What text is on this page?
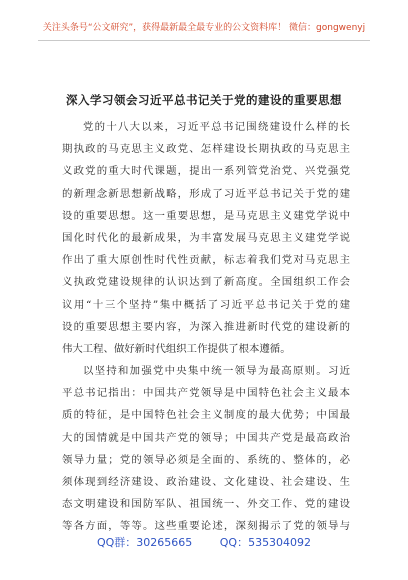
关注头条号“公文研究”，获得最新最全最专业的公文资料库！ 微信：gongwenyj
深入学习领会习近平总书记关于党的建设的重要思想
党的十八大以来，习近平总书记围绕建设什么样的长
期执政的马克思主义政党、怎样建设长期执政的马克思主
义政党的重大时代课题，提出一系列管党治党、兴党强党
的新理念新思想新战略，形成了习近平总书记关于党的建
设的重要思想。这一重要思想，是马克思主义建党学说中
国化时代化的最新成果，为丰富发展马克思主义建党学说
作出了重大原创性时代性贡献，标志着我们党对马克思主
义执政党建设规律的认识达到了新高度。全国组织工作会
议用“十三个坚持”集中概括了习近平总书记关于党的建
设的重要思想主要内容，为深入推进新时代党的建设新的
伟大工程、做好新时代组织工作提供了根本遵循。
以坚持和加强党中央集中统一领导为最高原则。习近
平总书记指出：中国共产党领导是中国特色社会主义最本
质的特征，是中国特色社会主义制度的最大优势；中国最
大的国情就是中国共产党的领导；中国共产党是最高政治
领导力量；党的领导必须是全面的、系统的、整体的，必
须体现到经济建设、政治建设、文化建设、社会建设、生
态文明建设和国防军队、祖国统一、外交工作、党的建设
等各方面，等等。这些重要论述，深刻揭示了党的领导与
QQ群：30265665	QQ：535304092
